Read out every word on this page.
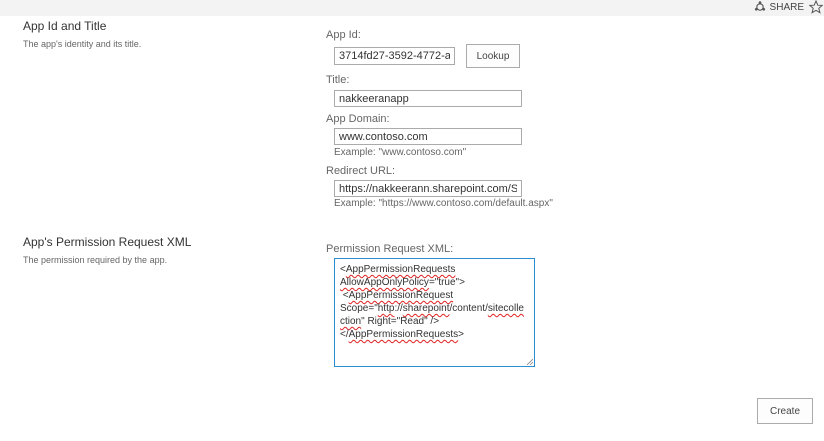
SHARE
App Id and Title
The app's identity and its title.
App Id:
3714fd27-3592-4772-a91
Lookup
Title:
nakkeeranapp
App Domain:
www.contoso.com
Example: "www.contoso.com"
Redirect URL:
https://nakkeerann.sharepoint.com/SiteP
Example: "https://www.contoso.com/default.aspx"
App's Permission Request XML
The permission required by the app.
Permission Request XML:
<AppPermissionRequests
AllowAppOnlyPolicy="true">
<AppPermissionRequest
Scope="http://sharepoint/content/sitecolle
ction" Right="Read" />
</AppPermissionRequests>
Create
